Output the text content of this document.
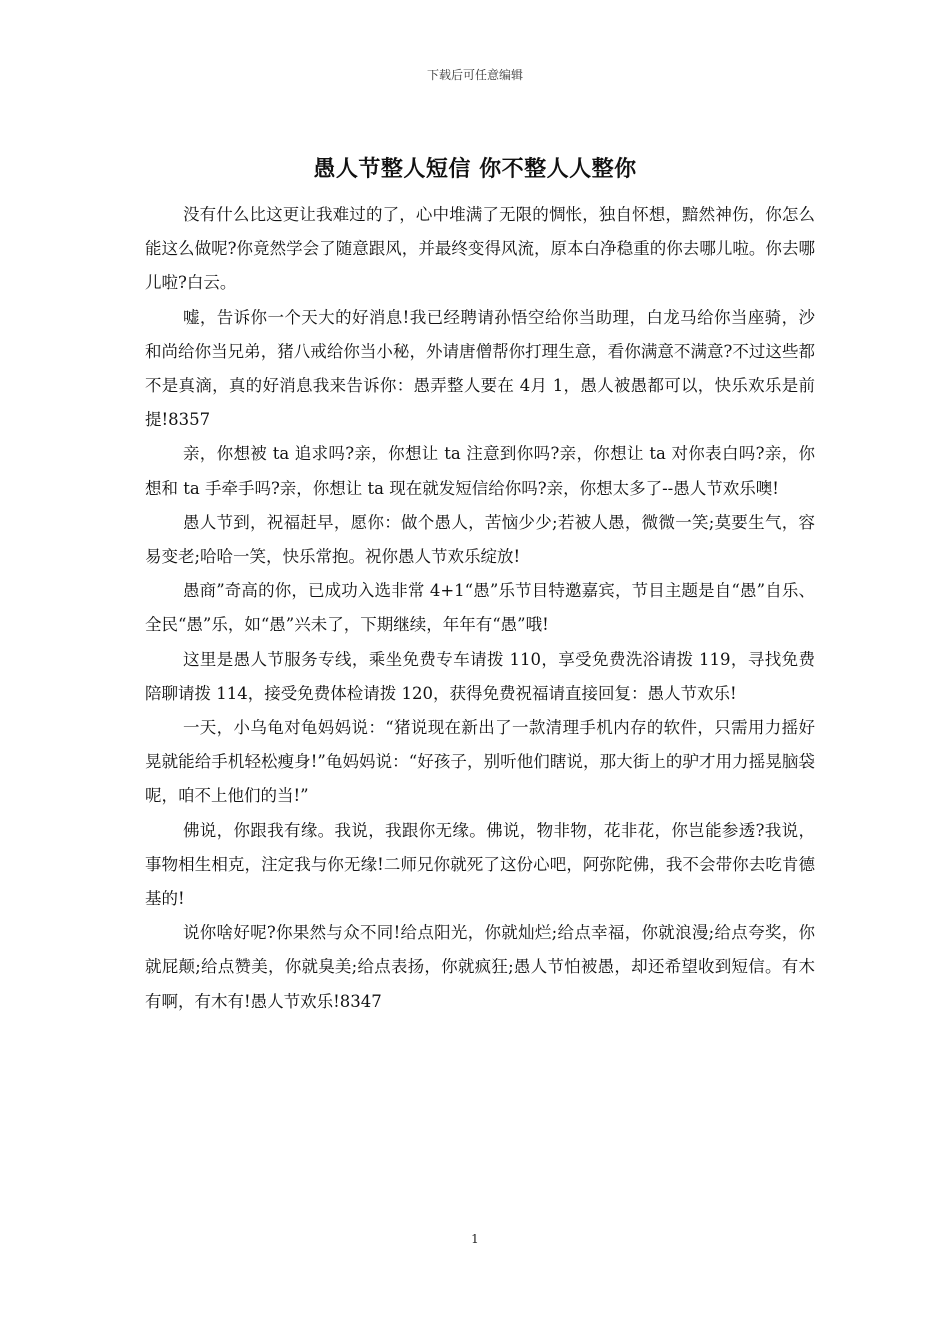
下载后可任意编辑
愚人节整人短信 你不整人人整你

没有什么比这更让我难过的了，心中堆满了无限的惆怅，独自怀想，黯然神伤，你怎么能这么做呢?你竟然学会了随意跟风，并最终变得风流，原本白净稳重的你去哪儿啦。你去哪儿啦?白云。

嘘，告诉你一个天大的好消息!我已经聘请孙悟空给你当助理，白龙马给你当座骑，沙和尚给你当兄弟，猪八戒给你当小秘，外请唐僧帮你打理生意，看你满意不满意?不过这些都不是真滴，真的好消息我来告诉你：愚弄整人要在 4月 1，愚人被愚都可以，快乐欢乐是前提!8357

亲，你想被 ta 追求吗?亲，你想让 ta 注意到你吗?亲，你想让 ta 对你表白吗?亲，你想和 ta 手牵手吗?亲，你想让 ta 现在就发短信给你吗?亲，你想太多了--愚人节欢乐噢!

愚人节到，祝福赶早，愿你：做个愚人，苦恼少少;若被人愚，微微一笑;莫要生气，容易变老;哈哈一笑，快乐常抱。祝你愚人节欢乐绽放!

愚商”奇高的你，已成功入选非常 4+1“愚”乐节目特邀嘉宾，节目主题是自“愚”自乐、全民“愚”乐，如“愚”兴未了，下期继续，年年有“愚”哦!

这里是愚人节服务专线，乘坐免费专车请拨 110，享受免费洗浴请拨 119，寻找免费陪聊请拨 114，接受免费体检请拨 120，获得免费祝福请直接回复：愚人节欢乐!

一天，小乌龟对龟妈妈说：“猪说现在新出了一款清理手机内存的软件，只需用力摇好晃就能给手机轻松瘦身!”龟妈妈说：“好孩子，别听他们瞎说，那大街上的驴才用力摇晃脑袋呢，咱不上他们的当!”

佛说，你跟我有缘。我说，我跟你无缘。佛说，物非物，花非花，你岂能参透?我说，事物相生相克，注定我与你无缘!二师兄你就死了这份心吧，阿弥陀佛，我不会带你去吃肯德基的!

说你啥好呢?你果然与众不同!给点阳光，你就灿烂;给点幸福，你就浪漫;给点夸奖，你就屁颠;给点赞美，你就臭美;给点表扬，你就疯狂;愚人节怕被愚，却还希望收到短信。有木有啊，有木有!愚人节欢乐!8347

1
